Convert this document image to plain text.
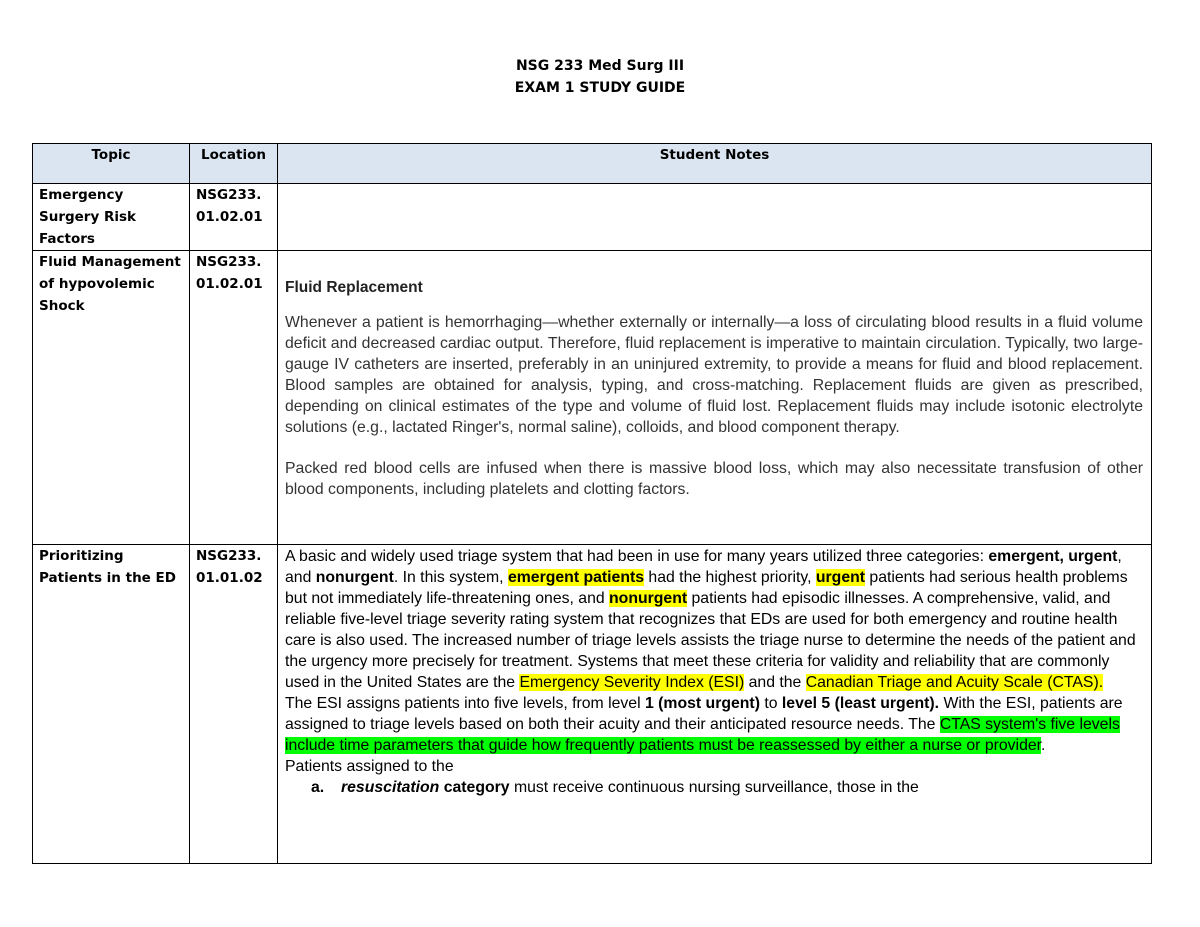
NSG 233 Med Surg III
EXAM 1 STUDY GUIDE
Topic	Location	Student Notes
Emergency Surgery Risk Factors	NSG233. 01.02.01	
Fluid Management of hypovolemic Shock	NSG233. 01.02.01	Fluid Replacement

Whenever a patient is hemorrhaging—whether externally or internally—a loss of circulating blood results in a fluid volume deficit and decreased cardiac output. Therefore, fluid replacement is imperative to maintain circulation. Typically, two large-gauge IV catheters are inserted, preferably in an uninjured extremity, to provide a means for fluid and blood replacement. Blood samples are obtained for analysis, typing, and cross-matching. Replacement fluids are given as prescribed, depending on clinical estimates of the type and volume of fluid lost. Replacement fluids may include isotonic electrolyte solutions (e.g., lactated Ringer's, normal saline), colloids, and blood component therapy.

Packed red blood cells are infused when there is massive blood loss, which may also necessitate transfusion of other blood components, including platelets and clotting factors.

Prioritizing Patients in the ED	NSG233. 01.01.02	A basic and widely used triage system that had been in use for many years utilized three categories: emergent, urgent, and nonurgent. In this system, emergent patients had the highest priority, urgent patients had serious health problems but not immediately life-threatening ones, and nonurgent patients had episodic illnesses. A comprehensive, valid, and reliable five-level triage severity rating system that recognizes that EDs are used for both emergency and routine health care is also used. The increased number of triage levels assists the triage nurse to determine the needs of the patient and the urgency more precisely for treatment. Systems that meet these criteria for validity and reliability that are commonly used in the United States are the Emergency Severity Index (ESI) and the Canadian Triage and Acuity Scale (CTAS).

The ESI assigns patients into five levels, from level 1 (most urgent) to level 5 (least urgent). With the ESI, patients are assigned to triage levels based on both their acuity and their anticipated resource needs. The CTAS system's five levels include time parameters that guide how frequently patients must be reassessed by either a nurse or provider.

Patients assigned to the

a. resuscitation category must receive continuous nursing surveillance, those in the
